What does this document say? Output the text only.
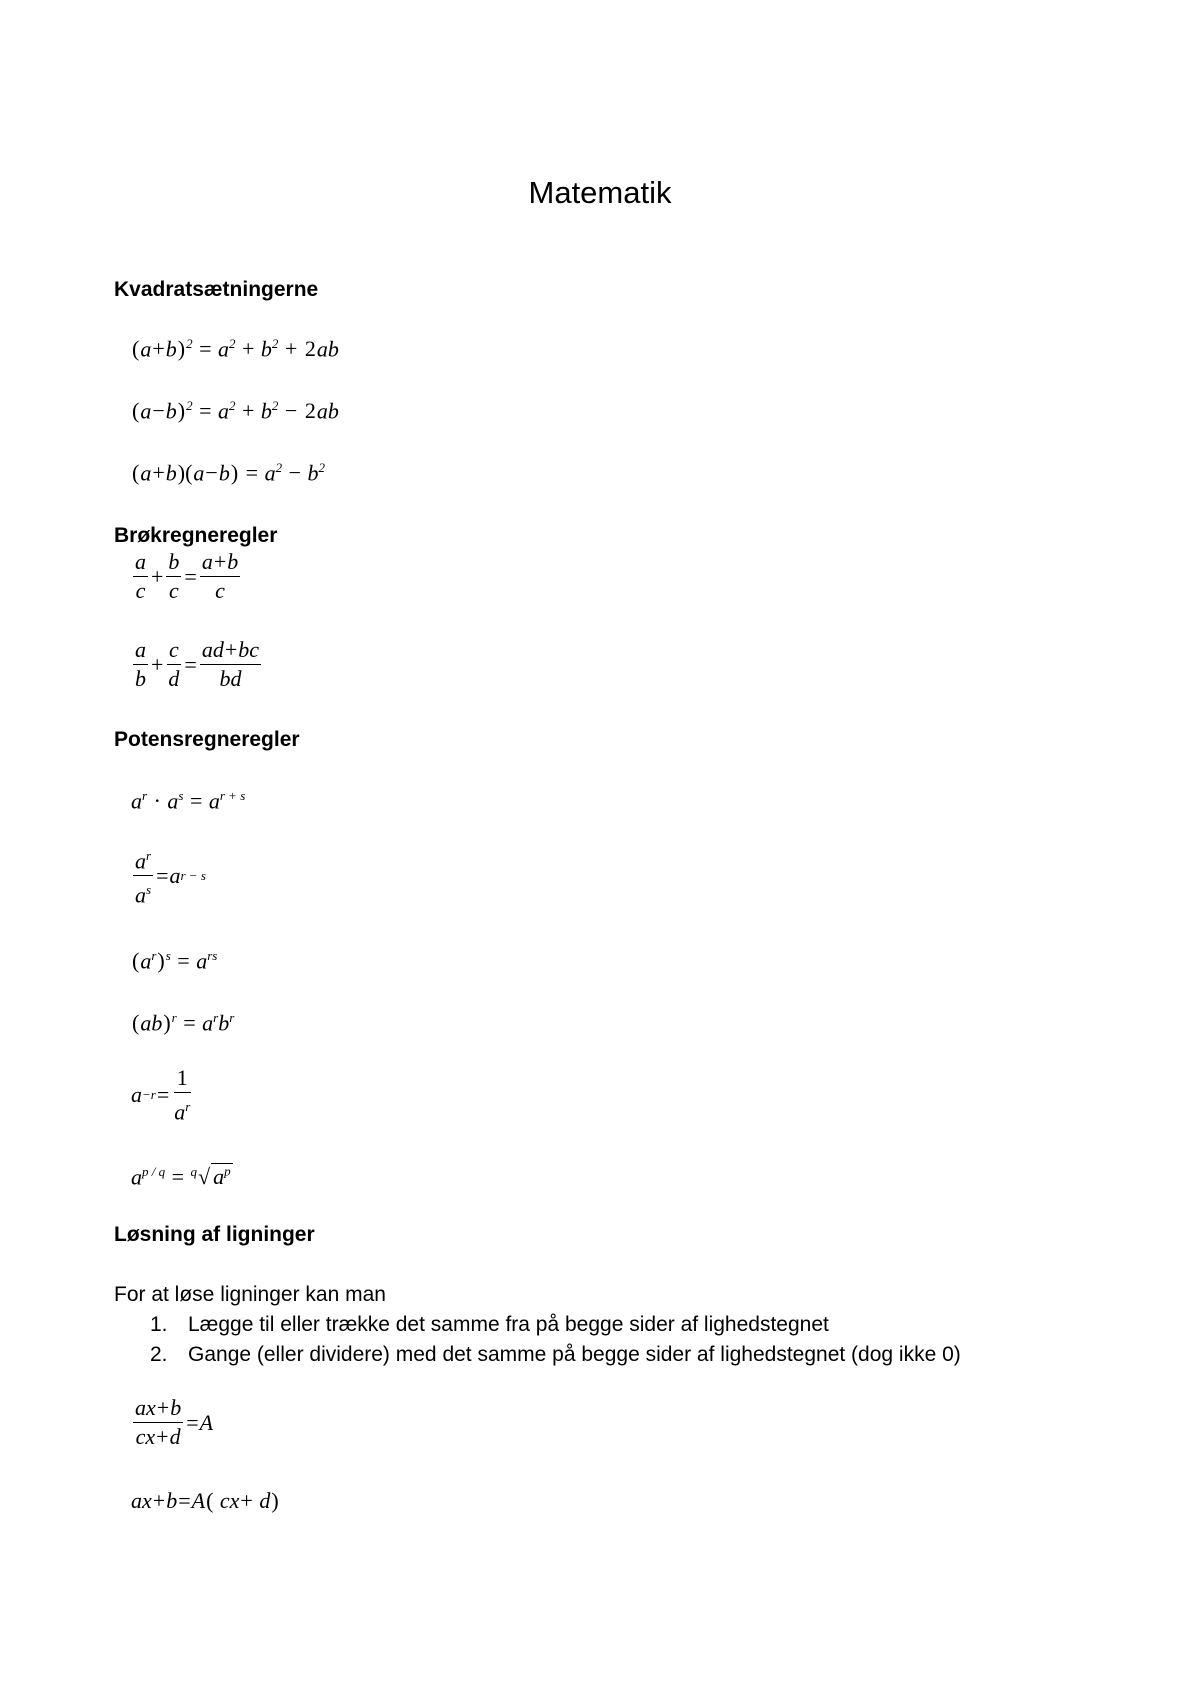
Matematik
Kvadratsætningerne
$(a+b)^2 = a^2 + b^2 + 2ab$
$(a-b)^2 = a^2 + b^2 - 2ab$
$(a+b)(a-b) = a^2 - b^2$
Brøkregneregler
$\frac{a}{c} + \frac{b}{c} = \frac{a+b}{c}$
$\frac{a}{b} + \frac{c}{d} = \frac{ad+bc}{bd}$
Potensregneregler
$a^r \cdot a^s = a^{r + s}$
$\frac{a^r}{a^s} = a$ r − s
$(a^r)^s = a^{rs}$
$(ab)^r = a^rb^r$
$a -r = \frac{1}{a^r}$
$a^{p / q} = ^q√$ $a^p$
Løsning af ligninger
For at løse ligninger kan man
1. Lægge til eller trække det samme fra på begge sider af lighedstegnet
2. Gange (eller dividere) med det samme på begge sider af lighedstegnet (dog ikke 0)
$\frac{ax+b}{cx+d} = A$
ax+b=A( cx+ d)
